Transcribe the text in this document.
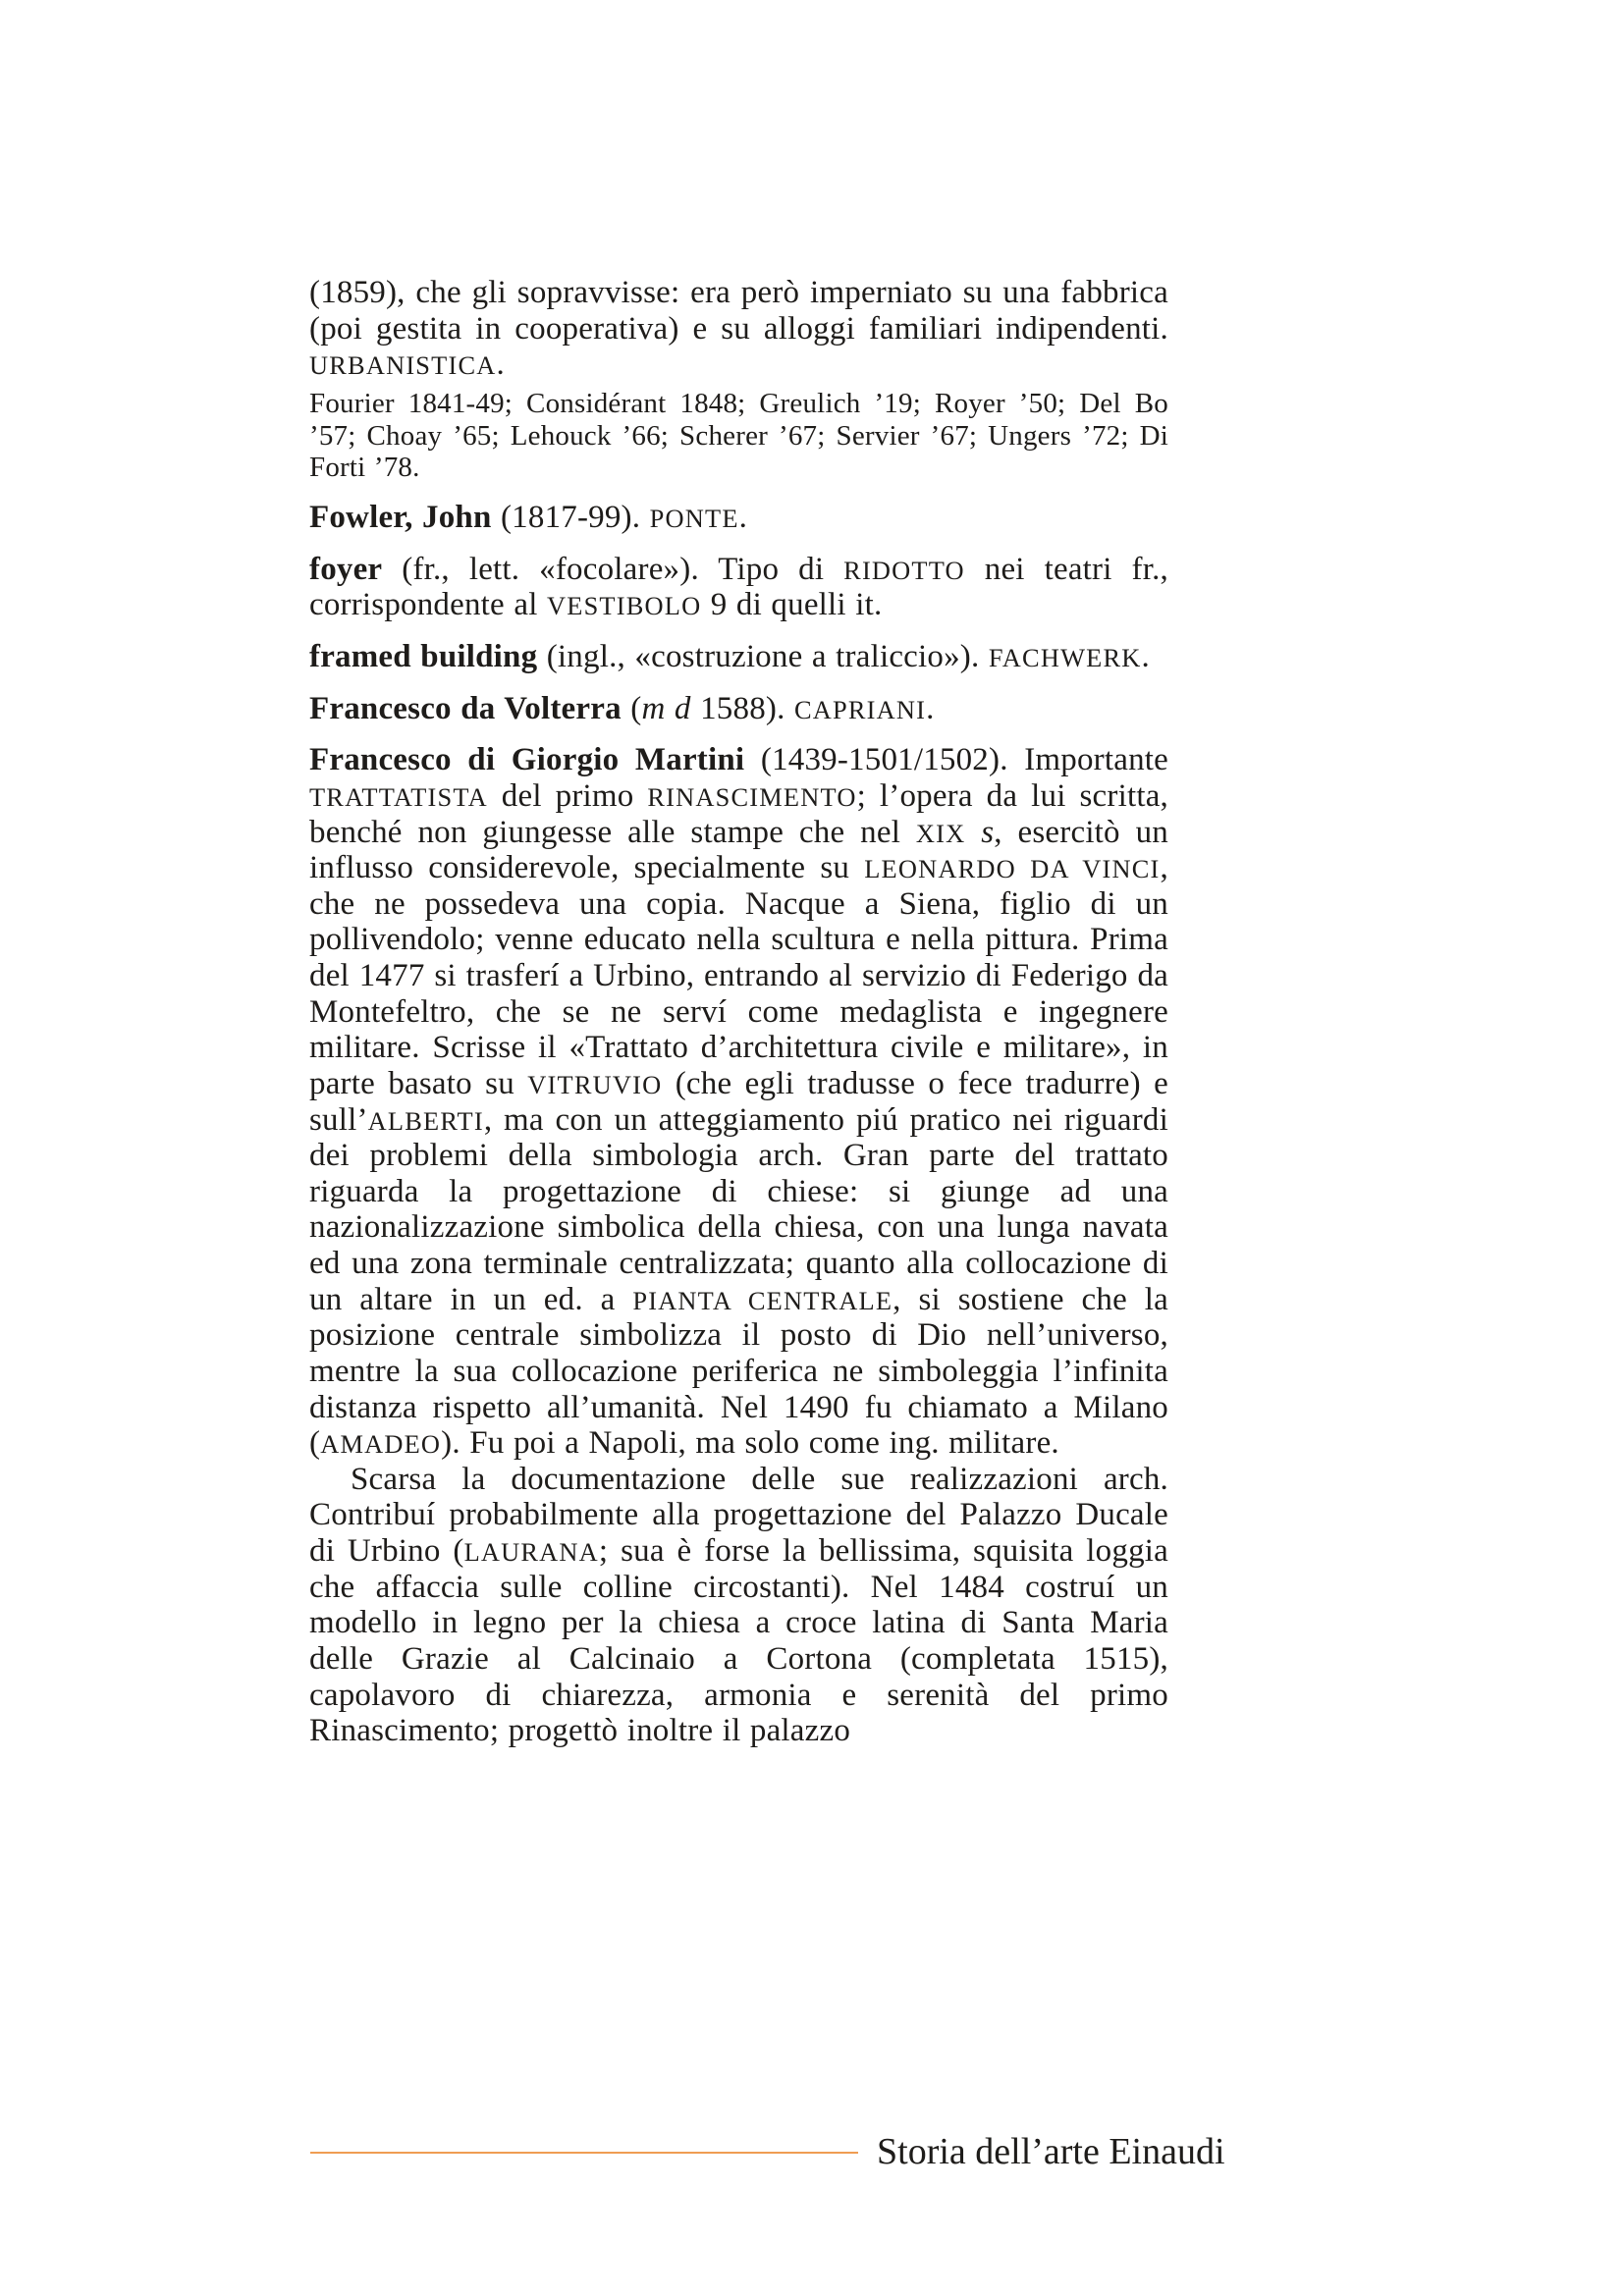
(1859), che gli sopravvisse: era però imperniato su una fabbrica (poi gestita in cooperativa) e su alloggi familiari indipendenti. URBANISTICA.

Fourier 1841-49; Considérant 1848; Greulich ’19; Royer ’50; Del Bo ’57; Choay ’65; Lehouck ’66; Scherer ’67; Servier ’67; Ungers ’72; Di Forti ’78.

Fowler, John (1817-99). PONTE.

foyer (fr., lett. «focolare»). Tipo di RIDOTTO nei teatri fr., corrispondente al VESTIBOLO 9 di quelli it.

framed building (ingl., «costruzione a traliccio»). FACHWERK.

Francesco da Volterra (m d 1588). CAPRIANI.

Francesco di Giorgio Martini (1439-1501/1502). Importante TRATTATISTA del primo RINASCIMENTO; l’opera da lui scritta, benché non giungesse alle stampe che nel XIX s, esercitò un influsso considerevole, specialmente su LEONARDO DA VINCI, che ne possedeva una copia. Nacque a Siena, figlio di un pollivendolo; venne educato nella scultura e nella pittura. Prima del 1477 si trasferí a Urbino, entrando al servizio di Federigo da Montefeltro, che se ne serví come medaglista e ingegnere militare. Scrisse il «Trattato d’architettura civile e militare», in parte basato su VITRUVIO (che egli tradusse o fece tradurre) e sull’ALBERTI, ma con un atteggiamento piú pratico nei riguardi dei problemi della simbologia arch. Gran parte del trattato riguarda la progettazione di chiese: si giunge ad una nazionalizzazione simbolica della chiesa, con una lunga navata ed una zona terminale centralizzata; quanto alla collocazione di un altare in un ed. a PIANTA CENTRALE, si sostiene che la posizione centrale simbolizza il posto di Dio nell’universo, mentre la sua collocazione periferica ne simboleggia l’infinita distanza rispetto all’umanità. Nel 1490 fu chiamato a Milano (AMADEO). Fu poi a Napoli, ma solo come ing. militare.

Scarsa la documentazione delle sue realizzazioni arch. Contribuí probabilmente alla progettazione del Palazzo Ducale di Urbino (LAURANA; sua è forse la bellissima, squisita loggia che affaccia sulle colline circostanti). Nel 1484 costruí un modello in legno per la chiesa a croce latina di Santa Maria delle Grazie al Calcinaio a Cortona (completata 1515), capolavoro di chiarezza, armonia e serenità del primo Rinascimento; progettò inoltre il palazzo

Storia dell’arte Einaudi
